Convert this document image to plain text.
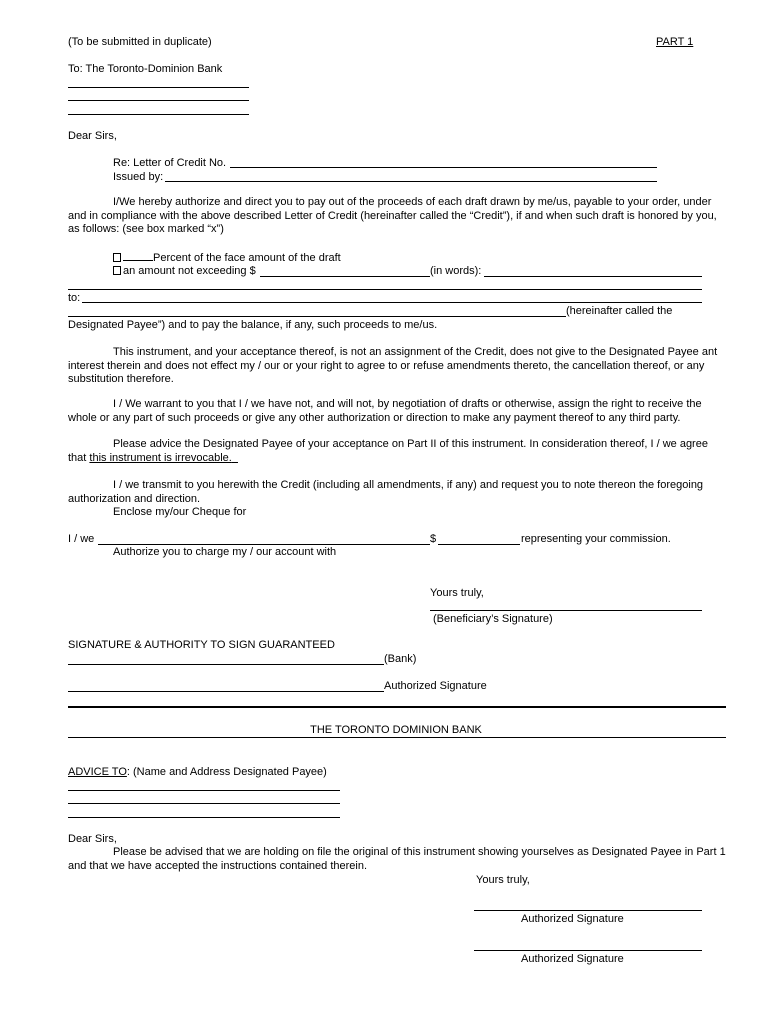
(To be submitted in duplicate)	PART 1
To: The Toronto-Dominion Bank
Dear Sirs,
Re: Letter of Credit No.
Issued by:
I/We hereby authorize and direct you to pay out of the proceeds of each draft drawn by me/us, payable to your order, under and in compliance with the above described Letter of Credit (hereinafter called the “Credit”), if and when such draft is honored by you, as follows: (see box marked “x”)
Percent of the face amount of the draft
an amount not exceeding $	(in words):
to:
(hereinafter called the
Designated Payee”) and to pay the balance, if any, such proceeds to me/us.
This instrument, and your acceptance thereof, is not an assignment of the Credit, does not give to the Designated Payee ant interest therein and does not effect my / our or your right to agree to or refuse amendments thereto, the cancellation thereof, or any substitution therefore.
I / We warrant to you that I / we have not, and will not, by negotiation of drafts or otherwise, assign the right to receive the whole or any part of such proceeds or give any other authorization or direction to make any payment thereof to any third party.
Please advice the Designated Payee of your acceptance on Part II of this instrument. In consideration thereof, I / we agree that this instrument is irrevocable.
I / we transmit to you herewith the Credit (including all amendments, if any) and request you to note thereon the foregoing authorization and direction.
Enclose my/our Cheque for
I / we	$	representing your commission.
Authorize you to charge my / our account with
Yours truly,
(Beneficiary’s Signature)
SIGNATURE & AUTHORITY TO SIGN GUARANTEED
(Bank)
Authorized Signature
THE TORONTO DOMINION BANK
ADVICE TO: (Name and Address Designated Payee)
Dear Sirs,
Please be advised that we are holding on file the original of this instrument showing yourselves as Designated Payee in Part 1 and that we have accepted the instructions contained therein.
Yours truly,
Authorized Signature
Authorized Signature
